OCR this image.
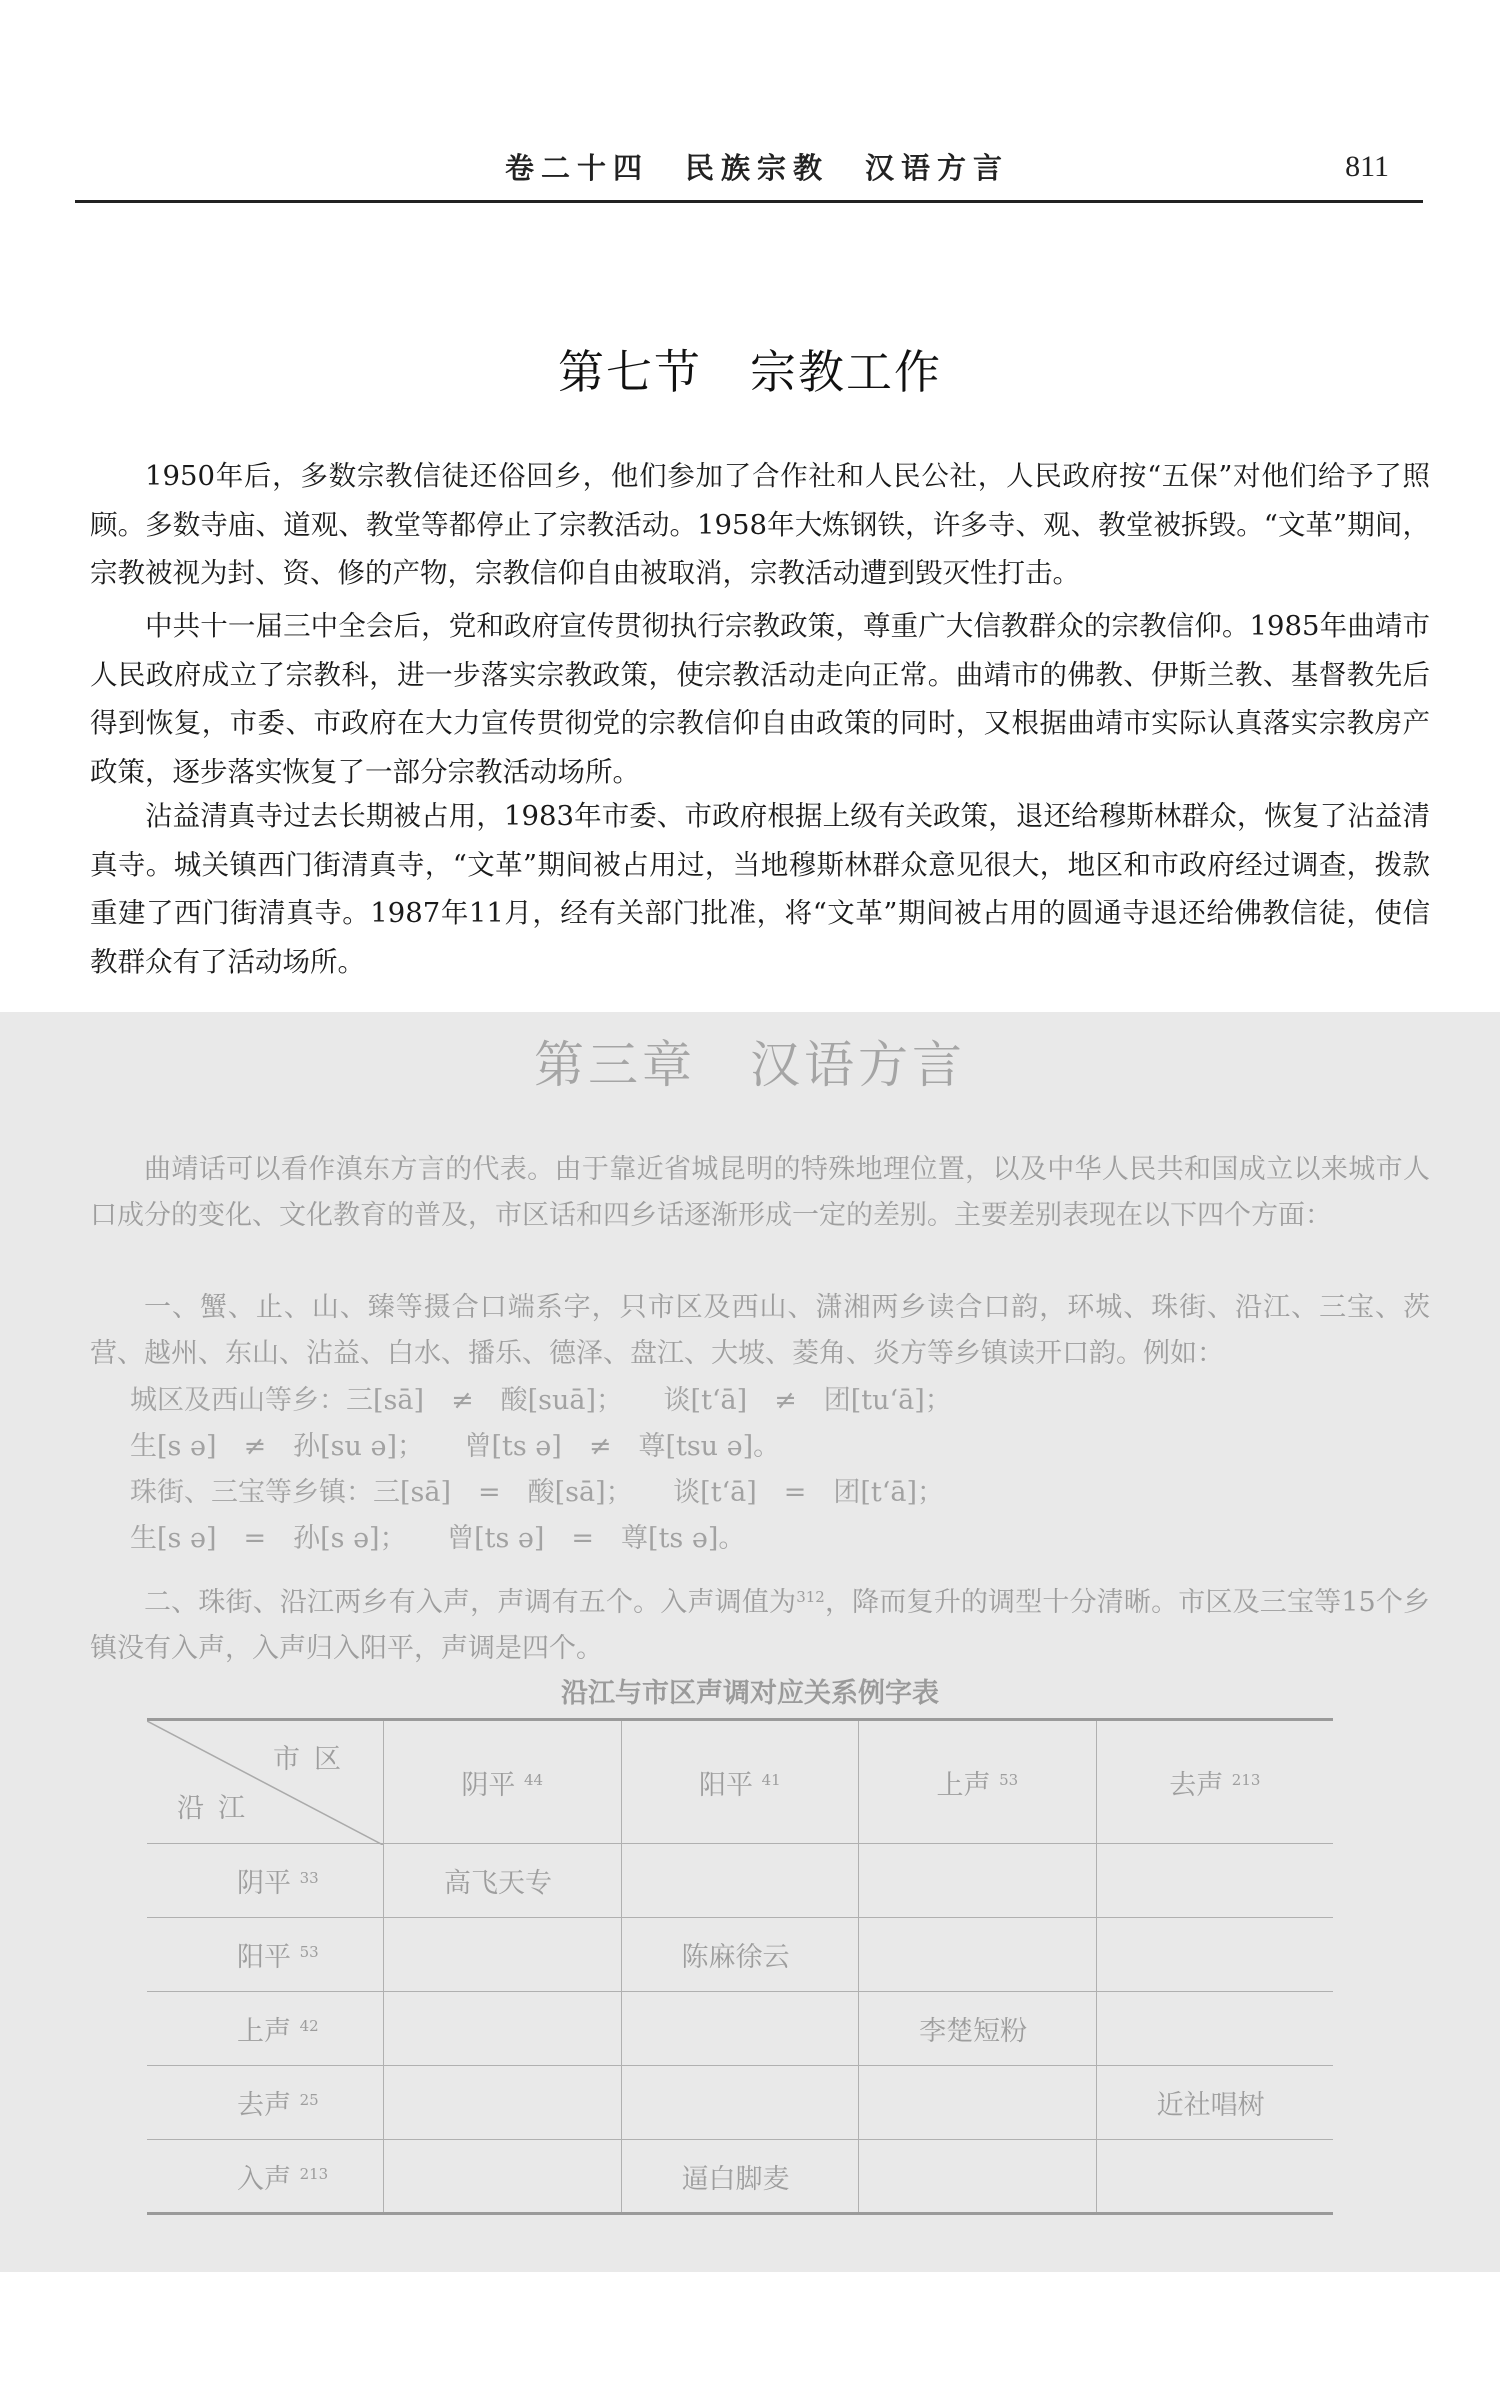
卷二十四　民族宗教　汉语方言	811
第七节　宗教工作

1950年后，多数宗教信徒还俗回乡，他们参加了合作社和人民公社，人民政府按“五保”对他们给予了照顾。多数寺庙、道观、教堂等都停止了宗教活动。1958年大炼钢铁，许多寺、观、教堂被拆毁。“文革”期间，宗教被视为封、资、修的产物，宗教信仰自由被取消，宗教活动遭到毁灭性打击。

中共十一届三中全会后，党和政府宣传贯彻执行宗教政策，尊重广大信教群众的宗教信仰。1985年曲靖市人民政府成立了宗教科，进一步落实宗教政策，使宗教活动走向正常。曲靖市的佛教、伊斯兰教、基督教先后得到恢复，市委、市政府在大力宣传贯彻党的宗教信仰自由政策的同时，又根据曲靖市实际认真落实宗教房产政策，逐步落实恢复了一部分宗教活动场所。

沾益清真寺过去长期被占用，1983年市委、市政府根据上级有关政策，退还给穆斯林群众，恢复了沾益清真寺。城关镇西门街清真寺，“文革”期间被占用过，当地穆斯林群众意见很大，地区和市政府经过调查，拨款重建了西门街清真寺。1987年11月，经有关部门批准，将“文革”期间被占用的圆通寺退还给佛教信徒，使信教群众有了活动场所。

第三章　汉语方言

曲靖话可以看作滇东方言的代表。由于靠近省城昆明的特殊地理位置，以及中华人民共和国成立以来城市人口成分的变化、文化教育的普及，市区话和四乡话逐渐形成一定的差别。主要差别表现在以下四个方面：

一、蟹、止、山、臻等摄合口端系字，只市区及西山、潇湘两乡读合口韵，环城、珠街、沿江、三宝、茨营、越州、东山、沾益、白水、播乐、德泽、盘江、大坡、菱角、炎方等乡镇读开口韵。例如：

城区及西山等乡：三[sā]　≠　酸[suā]；　　谈[t‘ā]　≠　团[tu‘ā]；
生[s ə]　≠　孙[su ə]；　　曾[ts ə]　≠　尊[tsu ə]。
珠街、三宝等乡镇：三[sā]　=　酸[sā]；　　谈[t‘ā]　=　团[t‘ā]；
生[s ə]　=　孙[s ə]；　　曾[ts ə]　=　尊[ts ə]。

二、珠街、沿江两乡有入声，声调有五个。入声调值为$^{312}$，降而复升的调型十分清晰。市区及三宝等15个乡镇没有入声，入声归入阳平，声调是四个。

沿江与市区声调对应关系例字表
市区
沿江	阴平 $^{44}$	阳平 $^{41}$	上声 $^{53}$	去声 $^{213}$
阴平 $^{33}$	高飞天专			
阳平 $^{53}$		陈麻徐云		
上声 $^{42}$			李楚短粉	
去声 $^{25}$				近社唱树
入声 $^{213}$		逼白脚麦		
